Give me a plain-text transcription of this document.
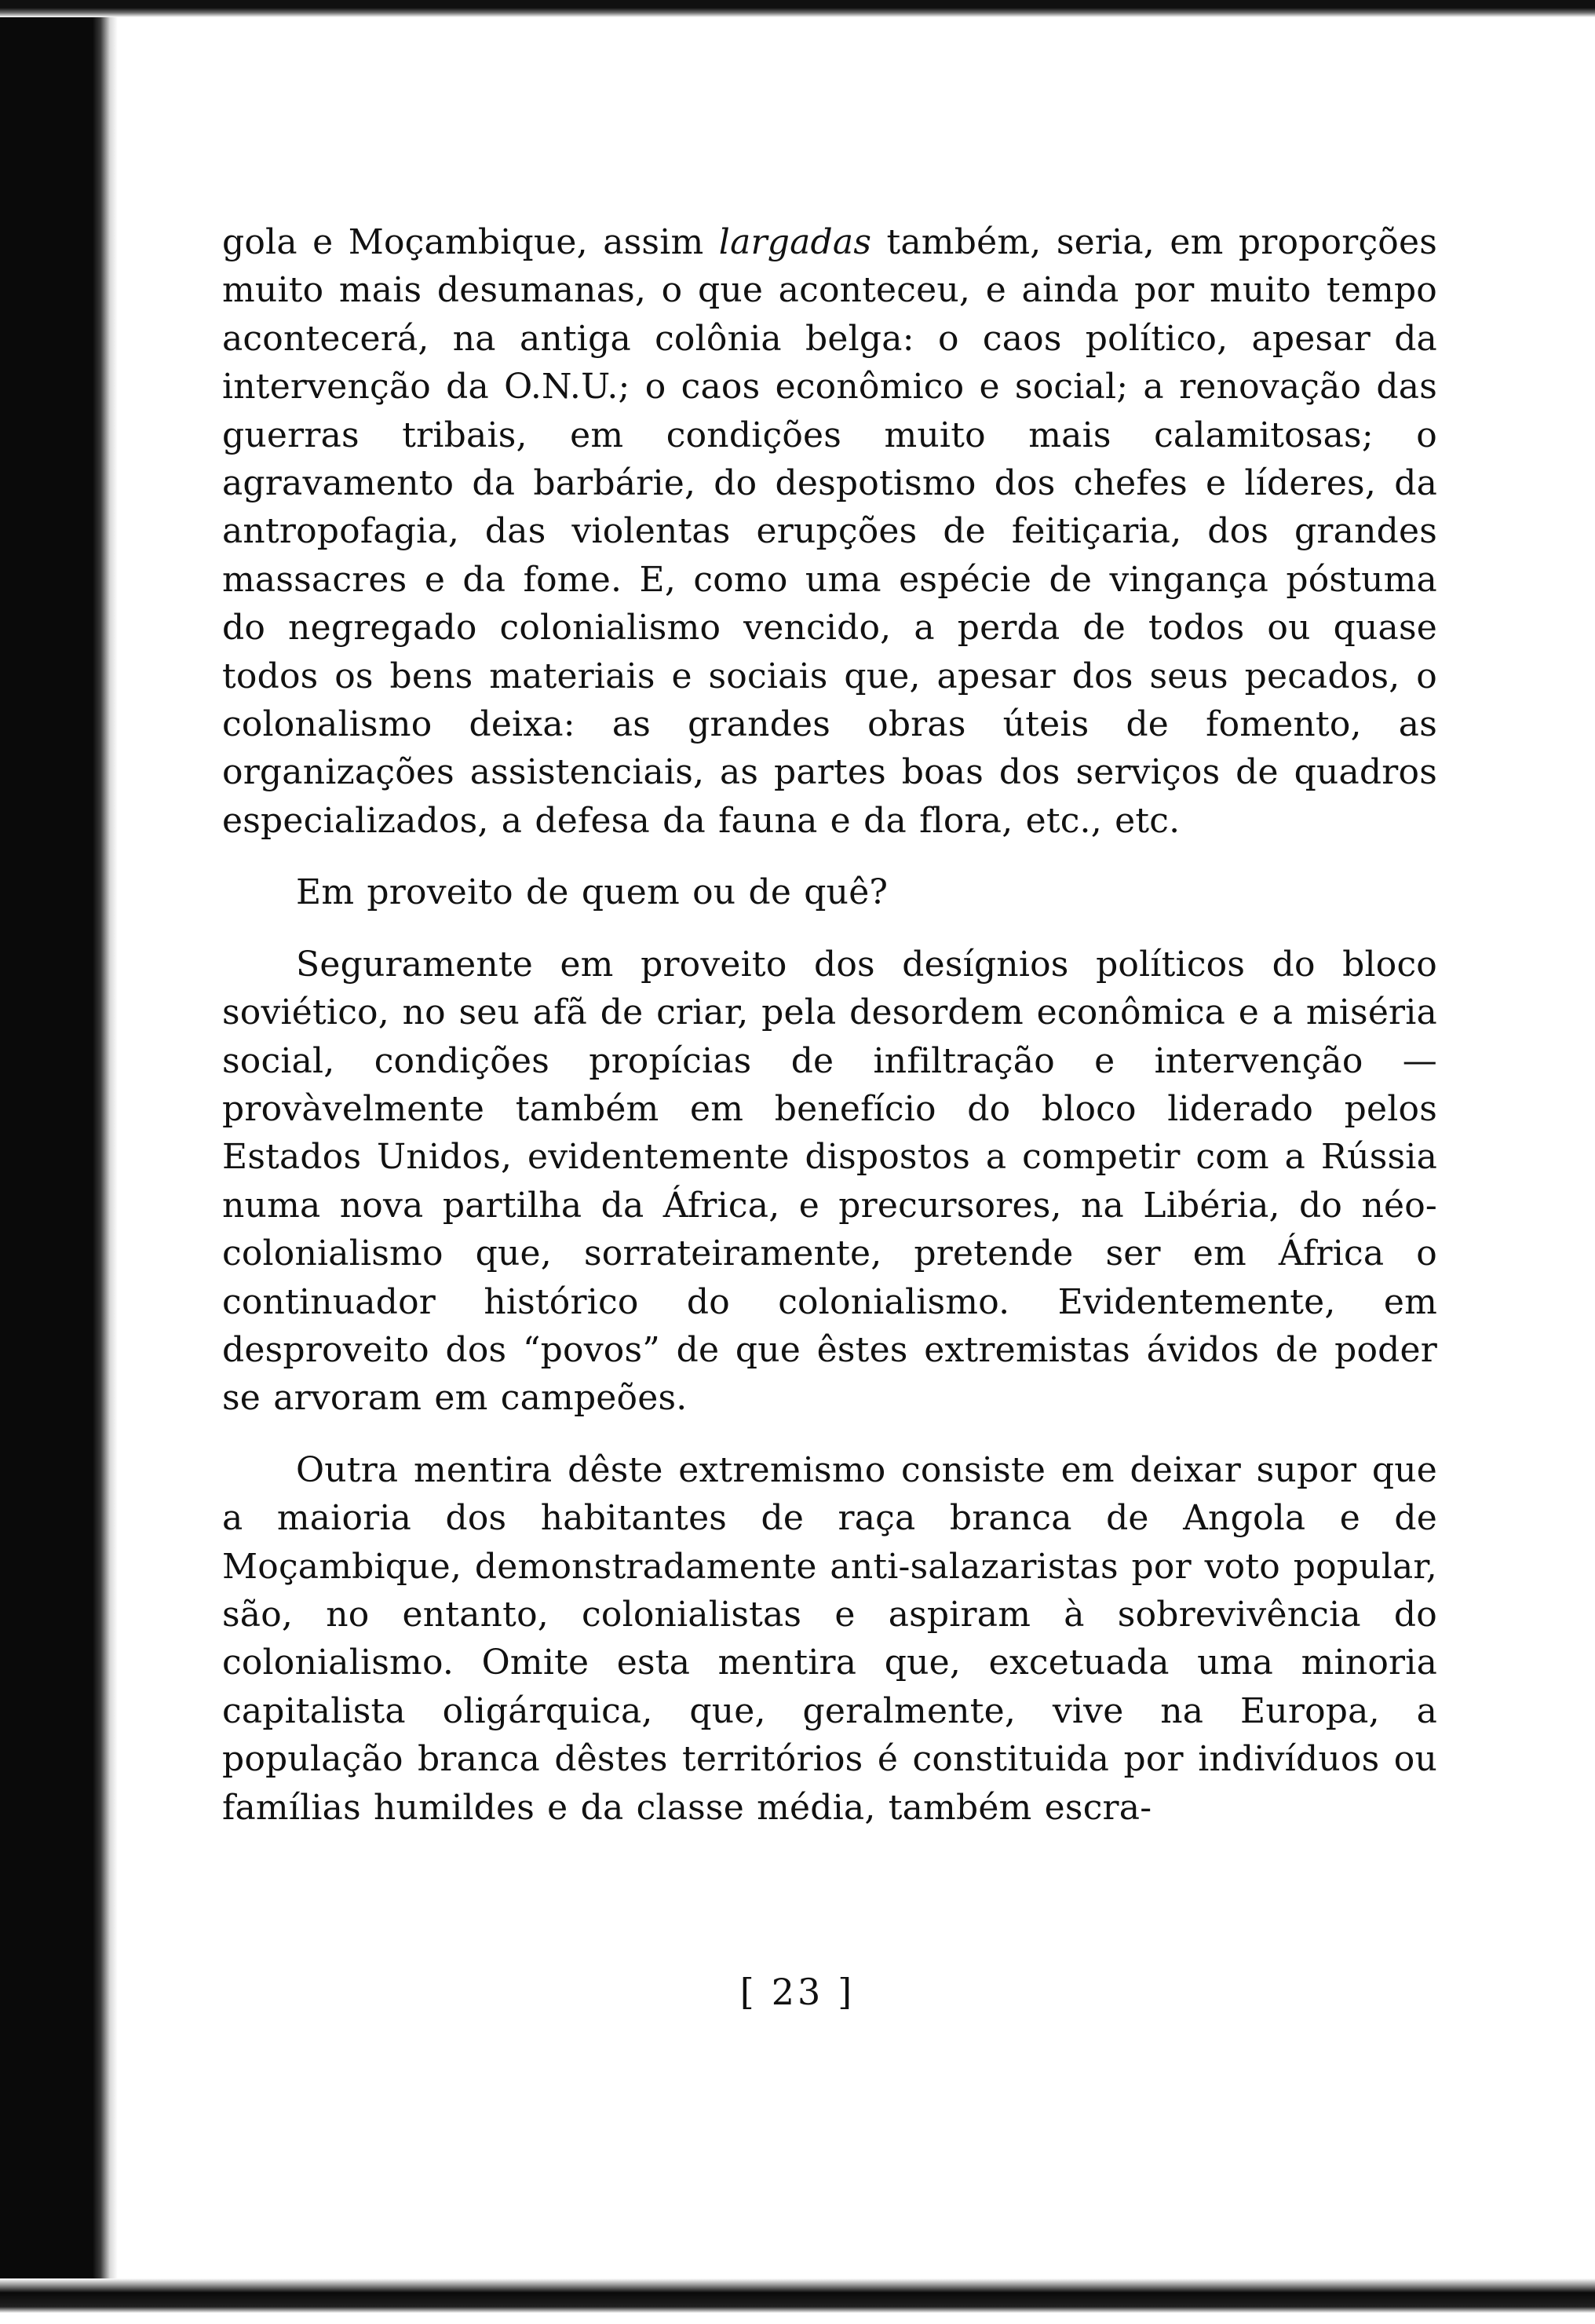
gola e Moçambique, assim largadas também, seria, em proporções muito mais desumanas, o que aconteceu, e ainda por muito tempo acontecerá, na antiga colônia belga: o caos político, apesar da intervenção da O.N.U.; o caos econômico e social; a renovação das guerras tribais, em condições muito mais calamitosas; o agravamento da barbárie, do despotismo dos chefes e líderes, da antropofagia, das violentas erupções de feitiçaria, dos grandes massacres e da fome. E, como uma espécie de vingança póstuma do negregado colonialismo vencido, a perda de todos ou quase todos os bens materiais e sociais que, apesar dos seus pecados, o colonalismo deixa: as grandes obras úteis de fomento, as organizações assistenciais, as partes boas dos serviços de quadros especializados, a defesa da fauna e da flora, etc., etc.

Em proveito de quem ou de quê?

Seguramente em proveito dos desígnios políticos do bloco soviético, no seu afã de criar, pela desordem econômica e a miséria social, condições propícias de infiltração e intervenção — provàvelmente também em benefício do bloco liderado pelos Estados Unidos, evidentemente dispostos a competir com a Rússia numa nova partilha da África, e precursores, na Libéria, do néo-colonialismo que, sorrateiramente, pretende ser em África o continuador histórico do colonialismo. Evidentemente, em desproveito dos “povos” de que êstes extremistas ávidos de poder se arvoram em campeões.

Outra mentira dêste extremismo consiste em deixar supor que a maioria dos habitantes de raça branca de Angola e de Moçambique, demonstradamente anti-salazaristas por voto popular, são, no entanto, colonialistas e aspiram à sobrevivência do colonialismo. Omite esta mentira que, excetuada uma minoria capitalista oligárquica, que, geralmente, vive na Europa, a população branca dêstes territórios é constituida por indivíduos ou famílias humildes e da classe média, também escra-

[ 23 ]
